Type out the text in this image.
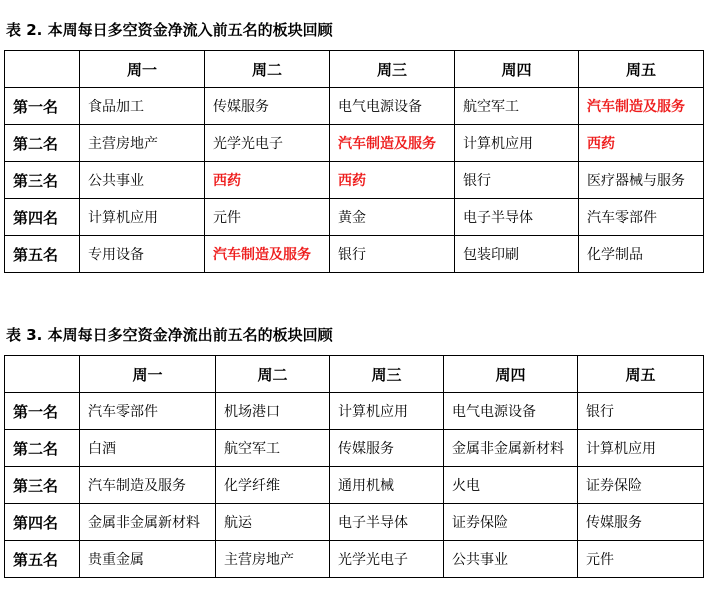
表 2. 本周每日多空资金净流入前五名的板块回顾
	周一	周二	周三	周四	周五
第一名	食品加工	传媒服务	电气电源设备	航空军工	汽车制造及服务
第二名	主营房地产	光学光电子	汽车制造及服务	计算机应用	西药
第三名	公共事业	西药	西药	银行	医疗器械与服务
第四名	计算机应用	元件	黄金	电子半导体	汽车零部件
第五名	专用设备	汽车制造及服务	银行	包装印刷	化学制品
表 3. 本周每日多空资金净流出前五名的板块回顾
	周一	周二	周三	周四	周五
第一名	汽车零部件	机场港口	计算机应用	电气电源设备	银行
第二名	白酒	航空军工	传媒服务	金属非金属新材料	计算机应用
第三名	汽车制造及服务	化学纤维	通用机械	火电	证券保险
第四名	金属非金属新材料	航运	电子半导体	证券保险	传媒服务
第五名	贵重金属	主营房地产	光学光电子	公共事业	元件
